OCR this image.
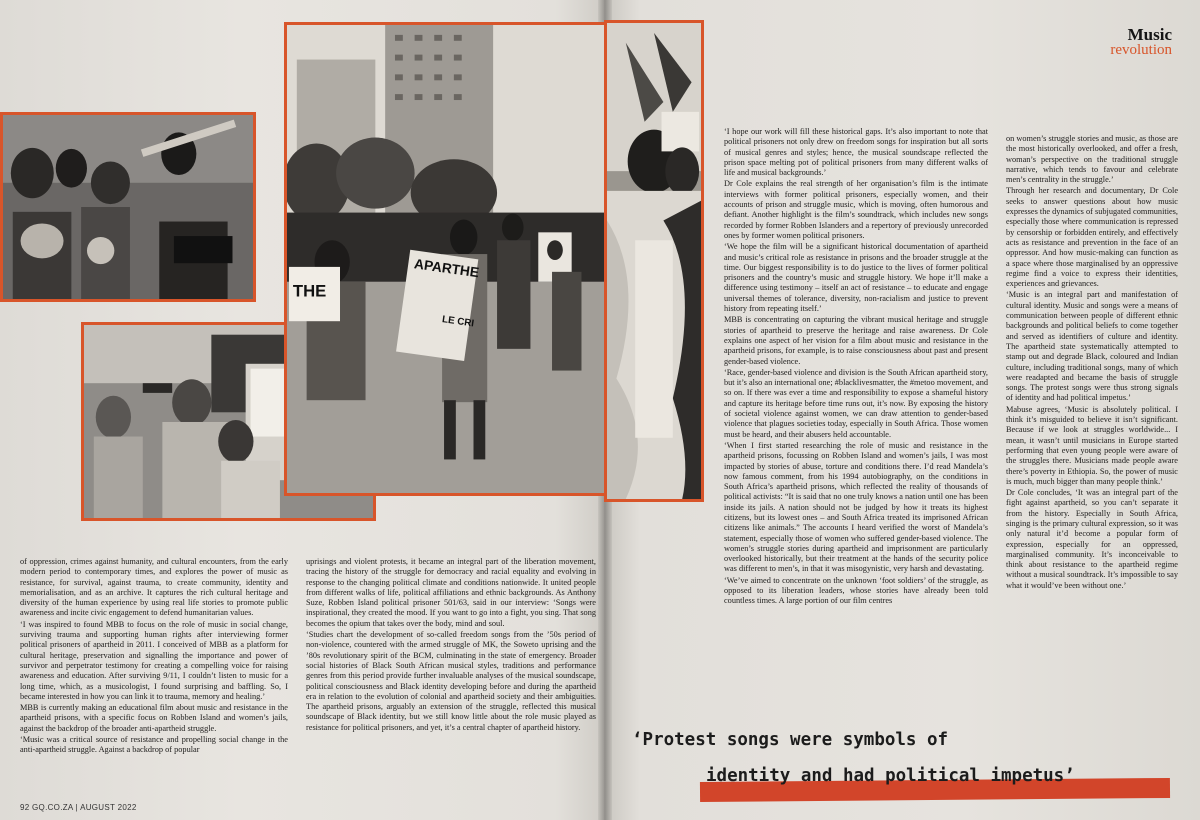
THE
APARTHE
LE CRI
Music
revolution

of oppression, crimes against humanity, and cultural encounters, from the early modern period to contemporary times, and explores the power of music as resistance, for survival, against trauma, to create community, identity and memorialisation, and as an archive. It captures the rich cultural heritage and diversity of the human experience by using real life stories to promote public awareness and incite civic engagement to defend humanitarian values.

‘I was inspired to found MBB to focus on the role of music in social change, surviving trauma and supporting human rights after interviewing former political prisoners of apartheid in 2011. I conceived of MBB as a platform for cultural heritage, preservation and signalling the importance and power of survivor and perpetrator testimony for creating a compelling voice for raising awareness and education. After surviving 9/11, I couldn’t listen to music for a long time, which, as a musicologist, I found surprising and baffling. So, I became interested in how you can link it to trauma, memory and healing.’

MBB is currently making an educational film about music and resistance in the apartheid prisons, with a specific focus on Robben Island and women’s jails, against the backdrop of the broader anti-apartheid struggle.

‘Music was a critical source of resistance and propelling social change in the anti-apartheid struggle. Against a backdrop of popular

uprisings and violent protests, it became an integral part of the liberation movement, tracing the history of the struggle for democracy and racial equality and evolving in response to the changing political climate and conditions nationwide. It united people from different walks of life, political affiliations and ethnic backgrounds. As Anthony Suze, Robben Island political prisoner 501/63, said in our interview: ‘Songs were inspirational, they created the mood. If you want to go into a fight, you sing. That song becomes the opium that takes over the body, mind and soul.

‘Studies chart the development of so-called freedom songs from the ’50s period of non-violence, countered with the armed struggle of MK, the Soweto uprising and the ’80s revolutionary spirit of the BCM, culminating in the state of emergency. Broader social histories of Black South African musical styles, traditions and performance genres from this period provide further invaluable analyses of the musical soundscape, political consciousness and Black identity developing before and during the apartheid era in relation to the evolution of colonial and apartheid society and their ambiguities. The apartheid prisons, arguably an extension of the struggle, reflected this musical soundscape of Black identity, but we still know little about the role music played as resistance for political prisoners, and yet, it’s a central chapter of apartheid history.

‘I hope our work will fill these historical gaps. It’s also important to note that political prisoners not only drew on freedom songs for inspiration but all sorts of musical genres and styles; hence, the musical soundscape reflected the prison space melting pot of political prisoners from many different walks of life and musical backgrounds.’

Dr Cole explains the real strength of her organisation’s film is the intimate interviews with former political prisoners, especially women, and their accounts of prison and struggle music, which is moving, often humorous and defiant. Another highlight is the film’s soundtrack, which includes new songs recorded by former Robben Islanders and a repertory of previously unrecorded ones by former women political prisoners.

‘We hope the film will be a significant historical documentation of apartheid and music’s critical role as resistance in prisons and the broader struggle at the time. Our biggest responsibility is to do justice to the lives of former political prisoners and the country’s music and struggle history. We hope it’ll make a difference using testimony – itself an act of resistance – to educate and engage universal themes of tolerance, diversity, non-racialism and justice to prevent history from repeating itself.’

MBB is concentrating on capturing the vibrant musical heritage and struggle stories of apartheid to preserve the heritage and raise awareness. Dr Cole explains one aspect of her vision for a film about music and resistance in the apartheid prisons, for example, is to raise consciousness about past and present gender-based violence.

‘Race, gender-based violence and division is the South African apartheid story, but it’s also an international one; #blacklivesmatter, the #metoo movement, and so on. If there was ever a time and responsibility to expose a shameful history and capture its heritage before time runs out, it’s now. By exposing the history of societal violence against women, we can draw attention to gender-based violence that plagues societies today, especially in South Africa. Those women must be heard, and their abusers held accountable.

‘When I first started researching the role of music and resistance in the apartheid prisons, focussing on Robben Island and women’s jails, I was most impacted by stories of abuse, torture and conditions there. I’d read Mandela’s now famous comment, from his 1994 autobiography, on the conditions in South Africa’s apartheid prisons, which reflected the reality of thousands of political activists: “It is said that no one truly knows a nation until one has been inside its jails. A nation should not be judged by how it treats its highest citizens, but its lowest ones – and South Africa treated its imprisoned African citizens like animals.” The accounts I heard verified the worst of Mandela’s statement, especially those of women who suffered gender-based violence. The women’s struggle stories during apartheid and imprisonment are particularly overlooked historically, but their treatment at the hands of the security police was different to men’s, in that it was misogynistic, very harsh and devastating.

‘We’ve aimed to concentrate on the unknown ‘foot soldiers’ of the struggle, as opposed to its liberation leaders, whose stories have already been told countless times. A large portion of our film centres

on women’s struggle stories and music, as those are the most historically overlooked, and offer a fresh, woman’s perspective on the traditional struggle narrative, which tends to favour and celebrate men’s centrality in the struggle.’

Through her research and documentary, Dr Cole seeks to answer questions about how music expresses the dynamics of subjugated communities, especially those where communication is repressed by censorship or forbidden entirely, and effectively acts as resistance and prevention in the face of an oppressor. And how music-making can function as a space where those marginalised by an oppressive regime find a voice to express their identities, experiences and grievances.

‘Music is an integral part and manifestation of cultural identity. Music and songs were a means of communication between people of different ethnic backgrounds and political beliefs to come together and served as identifiers of culture and identity. The apartheid state systematically attempted to stamp out and degrade Black, coloured and Indian culture, including traditional songs, many of which were readapted and became the basis of struggle songs. The protest songs were thus strong signals of identity and had political impetus.’

Mabuse agrees, ‘Music is absolutely political. I think it’s misguided to believe it isn’t significant. Because if we look at struggles worldwide... I mean, it wasn’t until musicians in Europe started performing that even young people were aware of the struggles there. Musicians made people aware there’s poverty in Ethiopia. So, the power of music is much, much bigger than many people think.’

Dr Cole concludes, ‘It was an integral part of the fight against apartheid, so you can’t separate it from the history. Especially in South Africa, singing is the primary cultural expression, so it was only natural it’d become a popular form of expression, especially for an oppressed, marginalised community. It’s inconceivable to think about resistance to the apartheid regime without a musical soundtrack. It’s impossible to say what it would’ve been without one.’

‘Protest songs were symbols of
identity and had political impetus’
92 GQ.CO.ZA | AUGUST 2022
